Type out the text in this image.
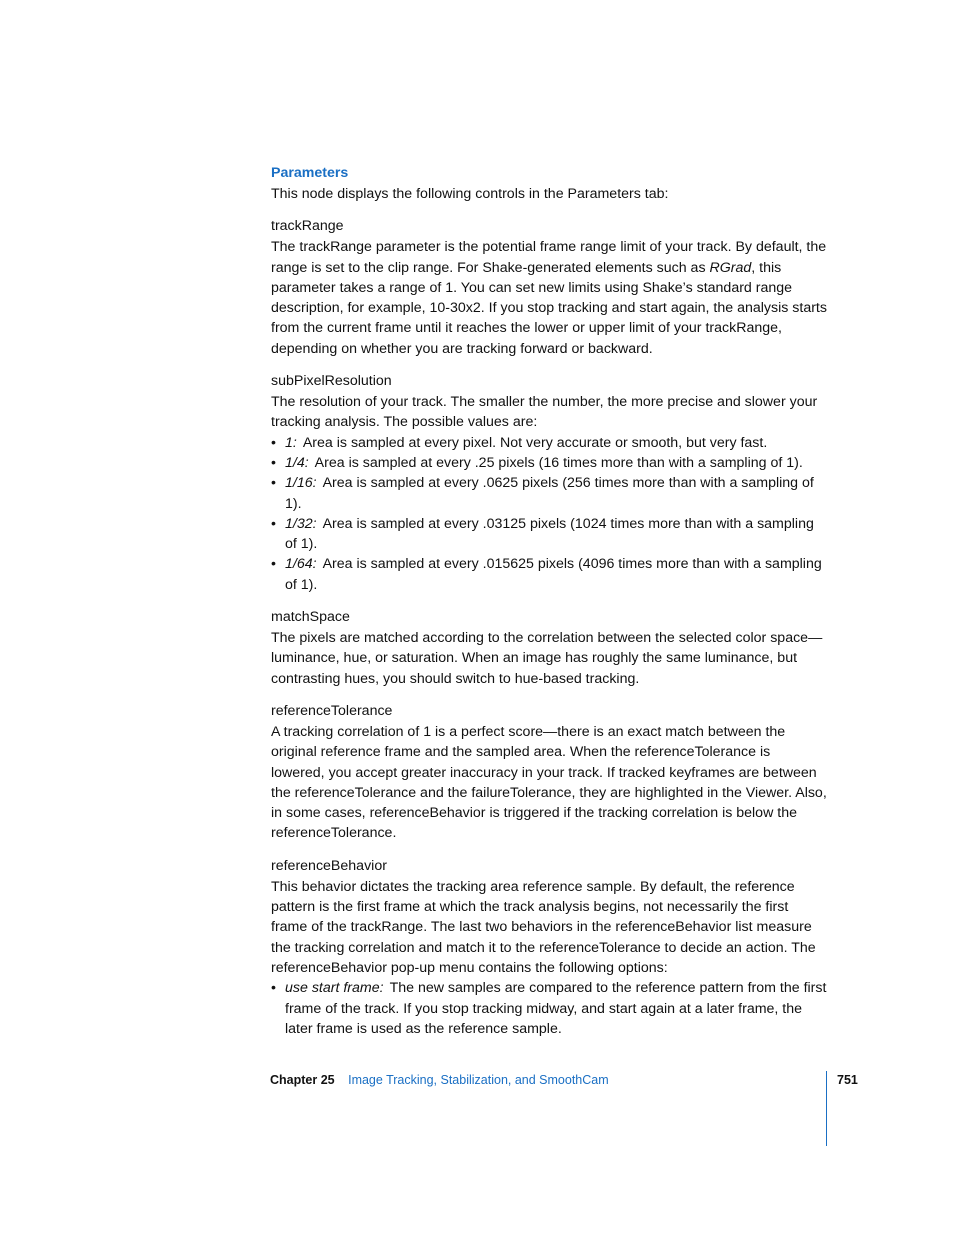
Parameters

This node displays the following controls in the Parameters tab:

trackRange

The trackRange parameter is the potential frame range limit of your track. By default, the range is set to the clip range. For Shake-generated elements such as RGrad, this parameter takes a range of 1. You can set new limits using Shake’s standard range description, for example, 10-30x2. If you stop tracking and start again, the analysis starts from the current frame until it reaches the lower or upper limit of your trackRange, depending on whether you are tracking forward or backward.

subPixelResolution

The resolution of your track. The smaller the number, the more precise and slower your tracking analysis. The possible values are:

• 1: Area is sampled at every pixel. Not very accurate or smooth, but very fast.
• 1/4: Area is sampled at every .25 pixels (16 times more than with a sampling of 1).
• 1/16: Area is sampled at every .0625 pixels (256 times more than with a sampling of 1).
• 1/32: Area is sampled at every .03125 pixels (1024 times more than with a sampling of 1).
• 1/64: Area is sampled at every .015625 pixels (4096 times more than with a sampling of 1).

matchSpace

The pixels are matched according to the correlation between the selected color space—luminance, hue, or saturation. When an image has roughly the same luminance, but contrasting hues, you should switch to hue-based tracking.

referenceTolerance

A tracking correlation of 1 is a perfect score—there is an exact match between the original reference frame and the sampled area. When the referenceTolerance is lowered, you accept greater inaccuracy in your track. If tracked keyframes are between the referenceTolerance and the failureTolerance, they are highlighted in the Viewer. Also, in some cases, referenceBehavior is triggered if the tracking correlation is below the referenceTolerance.

referenceBehavior

This behavior dictates the tracking area reference sample. By default, the reference pattern is the first frame at which the track analysis begins, not necessarily the first frame of the trackRange. The last two behaviors in the referenceBehavior list measure the tracking correlation and match it to the referenceTolerance to decide an action. The referenceBehavior pop-up menu contains the following options:

• use start frame: The new samples are compared to the reference pattern from the first frame of the track. If you stop tracking midway, and start again at a later frame, the later frame is used as the reference sample.
Chapter 25 Image Tracking, Stabilization, and SmoothCam	751
